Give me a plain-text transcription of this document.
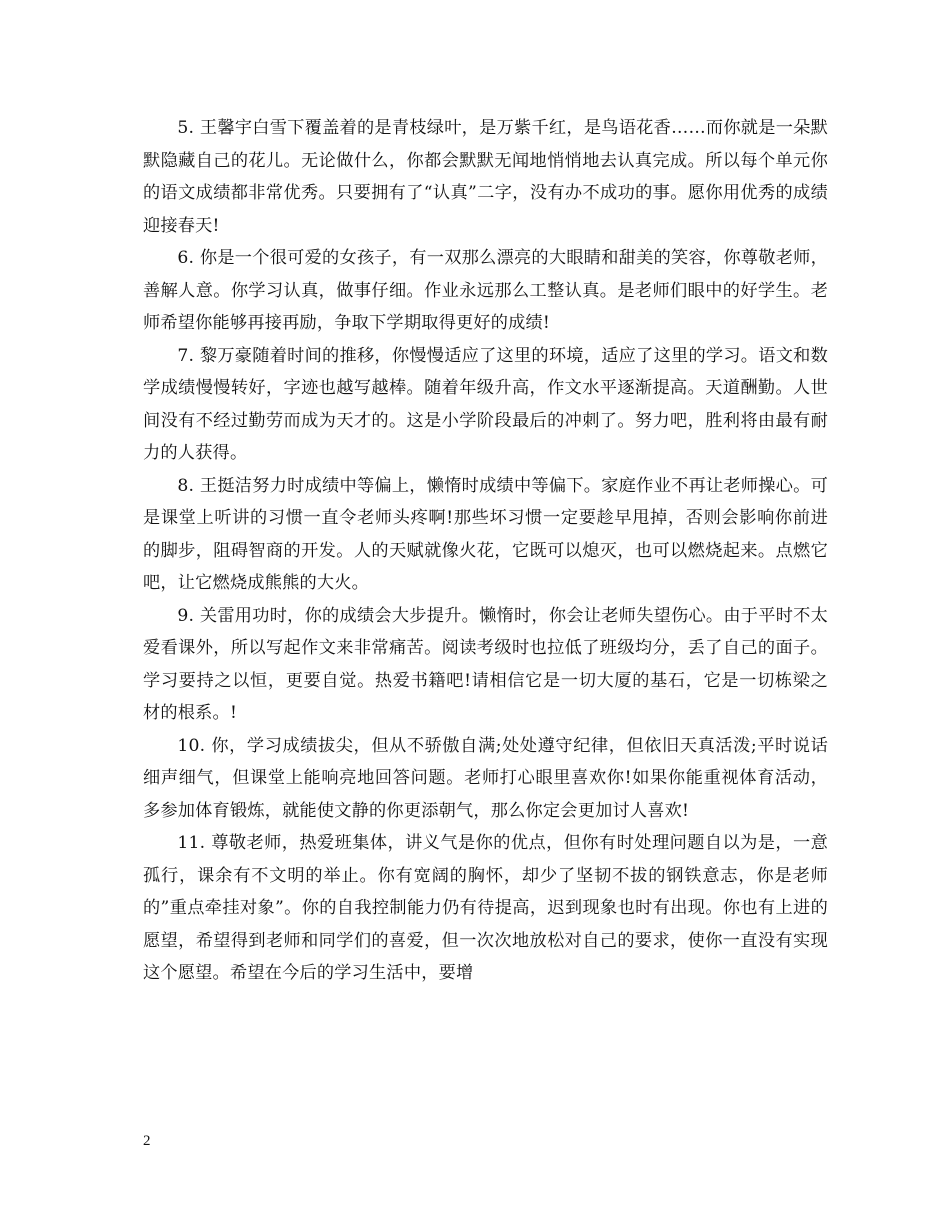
5. 王馨宇白雪下覆盖着的是青枝绿叶，是万紫千红，是鸟语花香……而你就是一朵默默隐藏自己的花儿。无论做什么，你都会默默无闻地悄悄地去认真完成。所以每个单元你的语文成绩都非常优秀。只要拥有了“认真”二字，没有办不成功的事。愿你用优秀的成绩迎接春天!

6. 你是一个很可爱的女孩子，有一双那么漂亮的大眼睛和甜美的笑容，你尊敬老师，善解人意。你学习认真，做事仔细。作业永远那么工整认真。是老师们眼中的好学生。老师希望你能够再接再励，争取下学期取得更好的成绩!

7. 黎万豪随着时间的推移，你慢慢适应了这里的环境，适应了这里的学习。语文和数学成绩慢慢转好，字迹也越写越棒。随着年级升高，作文水平逐渐提高。天道酬勤。人世间没有不经过勤劳而成为天才的。这是小学阶段最后的冲刺了。努力吧，胜利将由最有耐力的人获得。

8. 王挺洁努力时成绩中等偏上，懒惰时成绩中等偏下。家庭作业不再让老师操心。可是课堂上听讲的习惯一直令老师头疼啊!那些坏习惯一定要趁早甩掉，否则会影响你前进的脚步，阻碍智商的开发。人的天赋就像火花，它既可以熄灭，也可以燃烧起来。点燃它吧，让它燃烧成熊熊的大火。

9. 关雷用功时，你的成绩会大步提升。懒惰时，你会让老师失望伤心。由于平时不太爱看课外，所以写起作文来非常痛苦。阅读考级时也拉低了班级均分，丢了自己的面子。学习要持之以恒，更要自觉。热爱书籍吧!请相信它是一切大厦的基石，它是一切栋梁之材的根系。!

10. 你，学习成绩拔尖，但从不骄傲自满;处处遵守纪律，但依旧天真活泼;平时说话细声细气，但课堂上能响亮地回答问题。老师打心眼里喜欢你!如果你能重视体育活动，多参加体育锻炼，就能使文静的你更添朝气，那么你定会更加讨人喜欢!

11. 尊敬老师，热爱班集体，讲义气是你的优点，但你有时处理问题自以为是，一意孤行，课余有不文明的举止。你有宽阔的胸怀，却少了坚韧不拔的钢铁意志，你是老师的”重点牵挂对象”。你的自我控制能力仍有待提高，迟到现象也时有出现。你也有上进的愿望，希望得到老师和同学们的喜爱，但一次次地放松对自己的要求，使你一直没有实现这个愿望。希望在今后的学习生活中，要增

2
